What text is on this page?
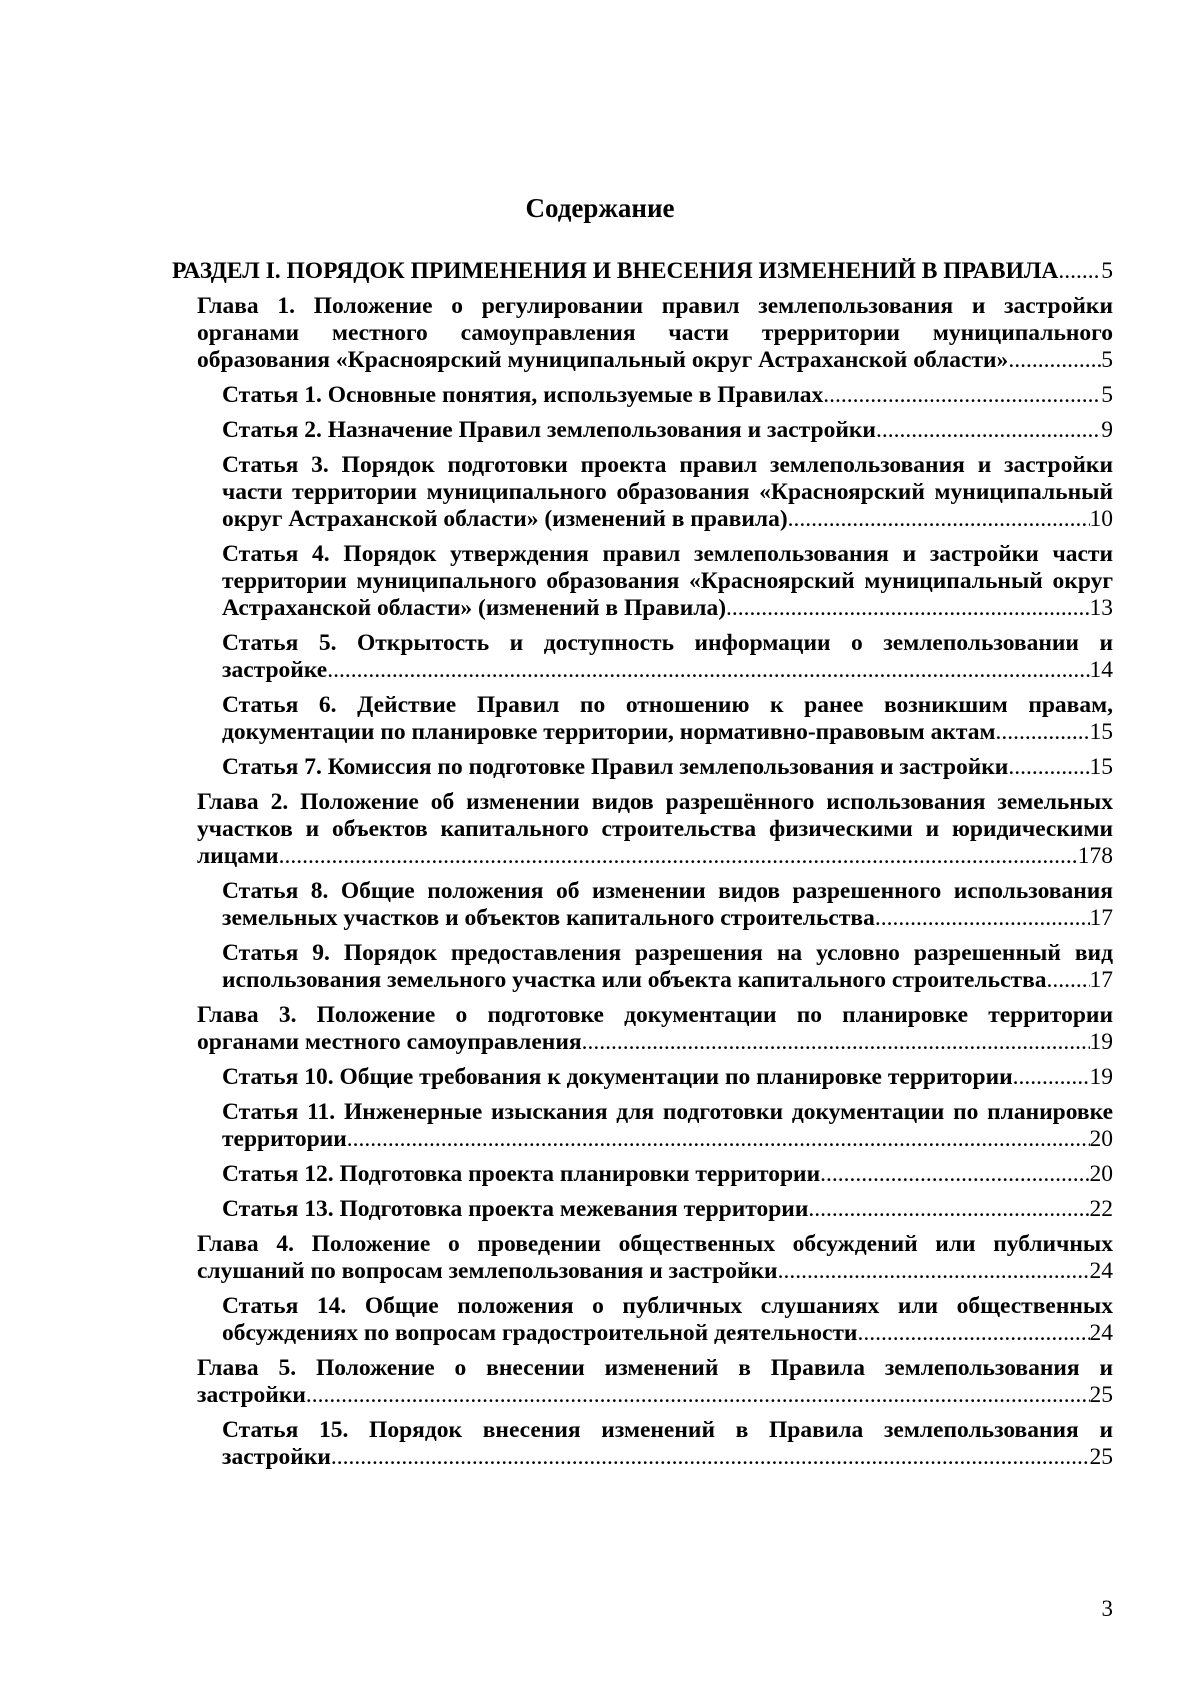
Содержание
РАЗДЕЛ I. ПОРЯДОК ПРИМЕНЕНИЯ И ВНЕСЕНИЯ ИЗМЕНЕНИЙ В ПРАВИЛА ..... 5
Глава 1. Положение о регулировании правил землепользования и застройки
органами местного самоуправления части трерритории муниципального
образования «Красноярский муниципальный округ Астраханской области» .....	5
Статья 1. Основные понятия, используемые в Правилах .....	5
Статья 2. Назначение Правил землепользования и застройки .....	9
Статья 3. Порядок подготовки проекта правил землепользования и застройки
части территории муниципального образования «Красноярский муниципальный
округ Астраханской области» (изменений в правила) .....	10
Статья 4. Порядок утверждения правил землепользования и застройки части
территории муниципального образования «Красноярский муниципальный округ
Астраханской области» (изменений в Правила) .....	13
Статья 5. Открытость и доступность информации о землепользовании и
застройке .....	14
Статья 6. Действие Правил по отношению к ранее возникшим правам,
документации по планировке территории, нормативно-правовым актам .....	15
Статья 7. Комиссия по подготовке Правил землепользования и застройки .....	15
Глава 2. Положение об изменении видов разрешённого использования земельных
участков и объектов капитального строительства физическими и юридическими
лицами .....	178
Статья 8. Общие положения об изменении видов разрешенного использования
земельных участков и объектов капитального строительства .....	17
Статья 9. Порядок предоставления разрешения на условно разрешенный вид
использования земельного участка или объекта капитального строительства ..... 17
Глава 3. Положение о подготовке документации по планировке территории
органами местного самоуправления .....	19
Статья 10. Общие требования к документации по планировке территории .....	19
Статья 11. Инженерные изыскания для подготовки документации по планировке
территории .....	20
Статья 12. Подготовка проекта планировки территории .....	20
Статья 13. Подготовка проекта межевания территории .....	22
Глава 4. Положение о проведении общественных обсуждений или публичных
слушаний по вопросам землепользования и застройки .....	24
Статья 14. Общие положения о публичных слушаниях или общественных
обсуждениях по вопросам градостроительной деятельности .....	24
Глава 5. Положение о внесении изменений в Правила землепользования и
застройки .....	25
Статья 15. Порядок внесения изменений в Правила землепользования и
застройки .....	25
3
